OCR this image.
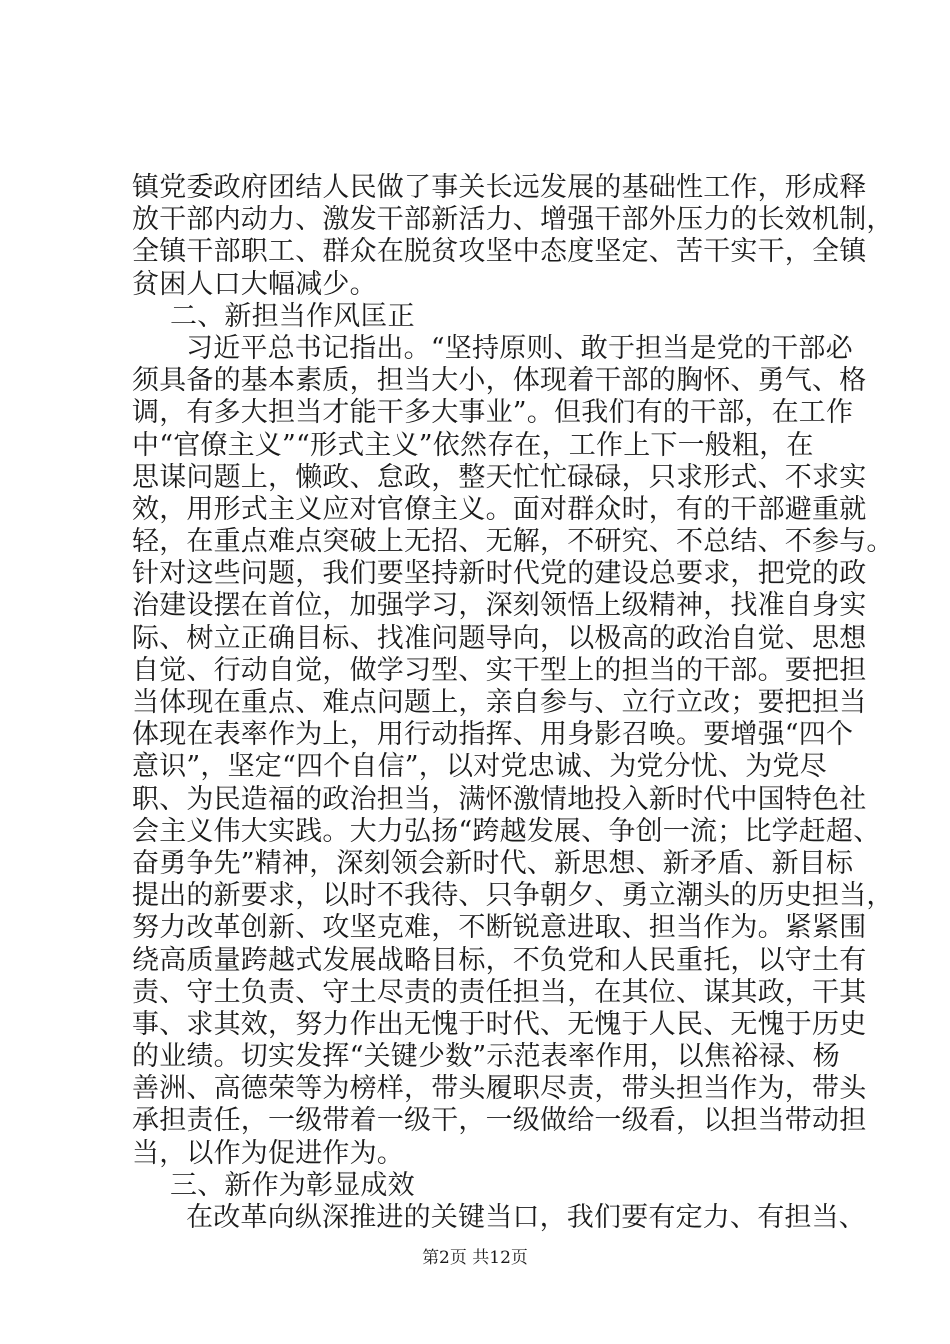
镇党委政府团结人民做了事关长远发展的基础性工作，形成释
放干部内动力、激发干部新活力、增强干部外压力的长效机制，
全镇干部职工、群众在脱贫攻坚中态度坚定、苦干实干，全镇
贫困人口大幅减少。
二、新担当作风匡正
习近平总书记指出。“坚持原则、敢于担当是党的干部必
须具备的基本素质，担当大小，体现着干部的胸怀、勇气、格
调，有多大担当才能干多大事业”。但我们有的干部，在工作
中“官僚主义”“形式主义”依然存在，工作上下一般粗，在
思谋问题上，懒政、怠政，整天忙忙碌碌，只求形式、不求实
效，用形式主义应对官僚主义。面对群众时，有的干部避重就
轻，在重点难点突破上无招、无解，不研究、不总结、不参与。
针对这些问题，我们要坚持新时代党的建设总要求，把党的政
治建设摆在首位，加强学习，深刻领悟上级精神，找准自身实
际、树立正确目标、找准问题导向，以极高的政治自觉、思想
自觉、行动自觉，做学习型、实干型上的担当的干部。要把担
当体现在重点、难点问题上，亲自参与、立行立改；要把担当
体现在表率作为上，用行动指挥、用身影召唤。要增强“四个
意识”，坚定“四个自信”，以对党忠诚、为党分忧、为党尽
职、为民造福的政治担当，满怀激情地投入新时代中国特色社
会主义伟大实践。大力弘扬“跨越发展、争创一流；比学赶超、
奋勇争先”精神，深刻领会新时代、新思想、新矛盾、新目标
提出的新要求，以时不我待、只争朝夕、勇立潮头的历史担当，
努力改革创新、攻坚克难，不断锐意进取、担当作为。紧紧围
绕高质量跨越式发展战略目标，不负党和人民重托，以守土有
责、守土负责、守土尽责的责任担当，在其位、谋其政，干其
事、求其效，努力作出无愧于时代、无愧于人民、无愧于历史
的业绩。切实发挥“关键少数”示范表率作用，以焦裕禄、杨
善洲、高德荣等为榜样，带头履职尽责，带头担当作为，带头
承担责任，一级带着一级干，一级做给一级看，以担当带动担
当，以作为促进作为。
三、新作为彰显成效
在改革向纵深推进的关键当口，我们要有定力、有担当、
第2页 共12页
